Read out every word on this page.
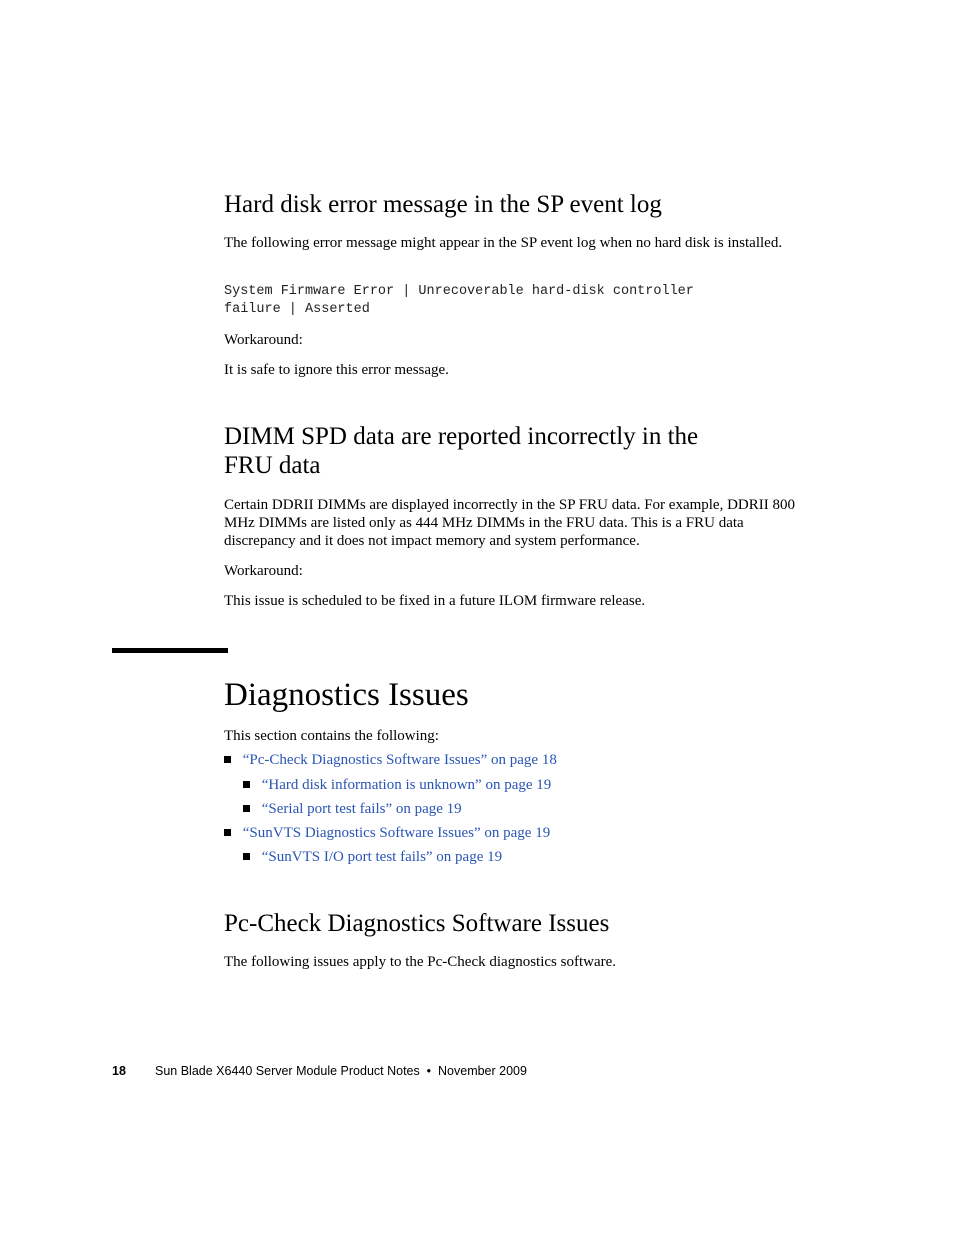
Hard disk error message in the SP event log

The following error message might appear in the SP event log when no hard disk is installed.

System Firmware Error | Unrecoverable hard-disk controller
failure | Asserted

Workaround:

It is safe to ignore this error message.

DIMM SPD data are reported incorrectly in the
FRU data

Certain DDRII DIMMs are displayed incorrectly in the SP FRU data. For example, DDRII 800 MHz DIMMs are listed only as 444 MHz DIMMs in the FRU data. This is a FRU data discrepancy and it does not impact memory and system performance.

Workaround:

This issue is scheduled to be fixed in a future ILOM firmware release.

Diagnostics Issues

This section contains the following:

“Pc-Check Diagnostics Software Issues” on page 18
“Hard disk information is unknown” on page 19
“Serial port test fails” on page 19
“SunVTS Diagnostics Software Issues” on page 19
“SunVTS I/O port test fails” on page 19
Pc-Check Diagnostics Software Issues

The following issues apply to the Pc-Check diagnostics software.

18 Sun Blade X6440 Server Module Product Notes  •  November 2009
